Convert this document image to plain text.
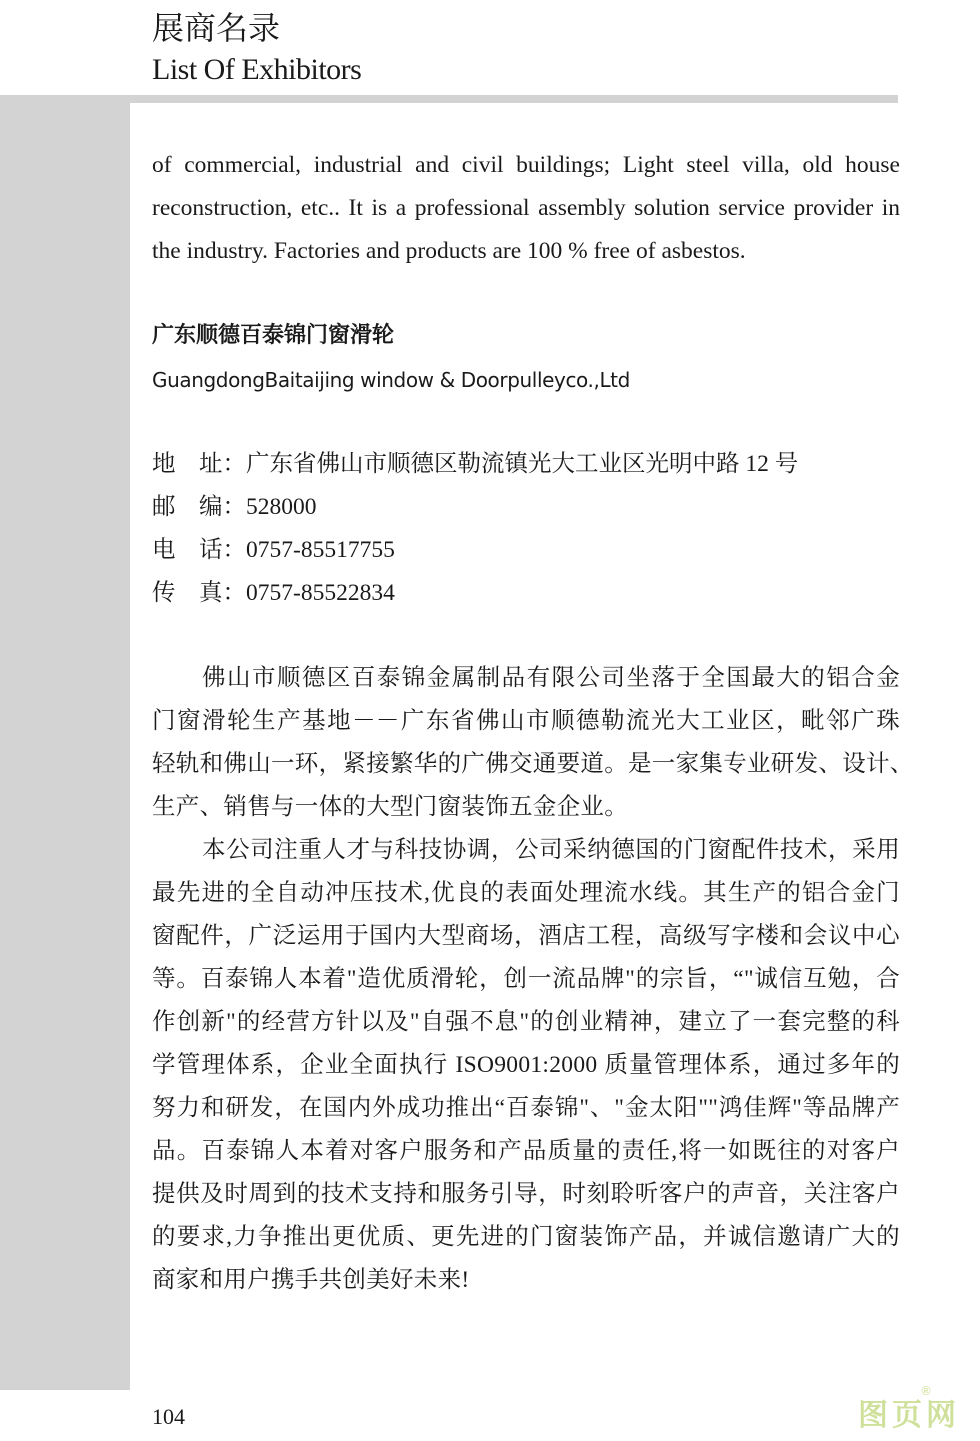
展商名录
List Of Exhibitors
of commercial, industrial and civil buildings; Light steel villa, old house
reconstruction, etc.. It is a professional assembly solution service provider in
the industry. Factories and products are 100 % free of asbestos.
广东顺德百泰锦门窗滑轮
GuangdongBaitaijing window & Doorpulleyco.,Ltd
地　址：广东省佛山市顺德区勒流镇光大工业区光明中路 12 号
邮　编：528000
电　话：0757-85517755
传　真：0757-85522834
佛山市顺德区百泰锦金属制品有限公司坐落于全国最大的铝合金
门窗滑轮生产基地－－广东省佛山市顺德勒流光大工业区，毗邻广珠
轻轨和佛山一环，紧接繁华的广佛交通要道。是一家集专业研发、设计、
生产、销售与一体的大型门窗装饰五金企业。
本公司注重人才与科技协调，公司采纳德国的门窗配件技术，采用
最先进的全自动冲压技术,优良的表面处理流水线。其生产的铝合金门
窗配件，广泛运用于国内大型商场，酒店工程，高级写字楼和会议中心
等。百泰锦人本着"造优质滑轮，创一流品牌"的宗旨，“"诚信互勉，合
作创新"的经营方针以及"自强不息"的创业精神，建立了一套完整的科
学管理体系，企业全面执行 ISO9001:2000 质量管理体系，通过多年的
努力和研发，在国内外成功推出“百泰锦"、"金太阳""鸿佳辉"等品牌产
品。百泰锦人本着对客户服务和产品质量的责任,将一如既往的对客户
提供及时周到的技术支持和服务引导，时刻聆听客户的声音，关注客户
的要求,力争推出更优质、更先进的门窗装饰产品，并诚信邀请广大的
商家和用户携手共创美好未来!
104	图页网
®
